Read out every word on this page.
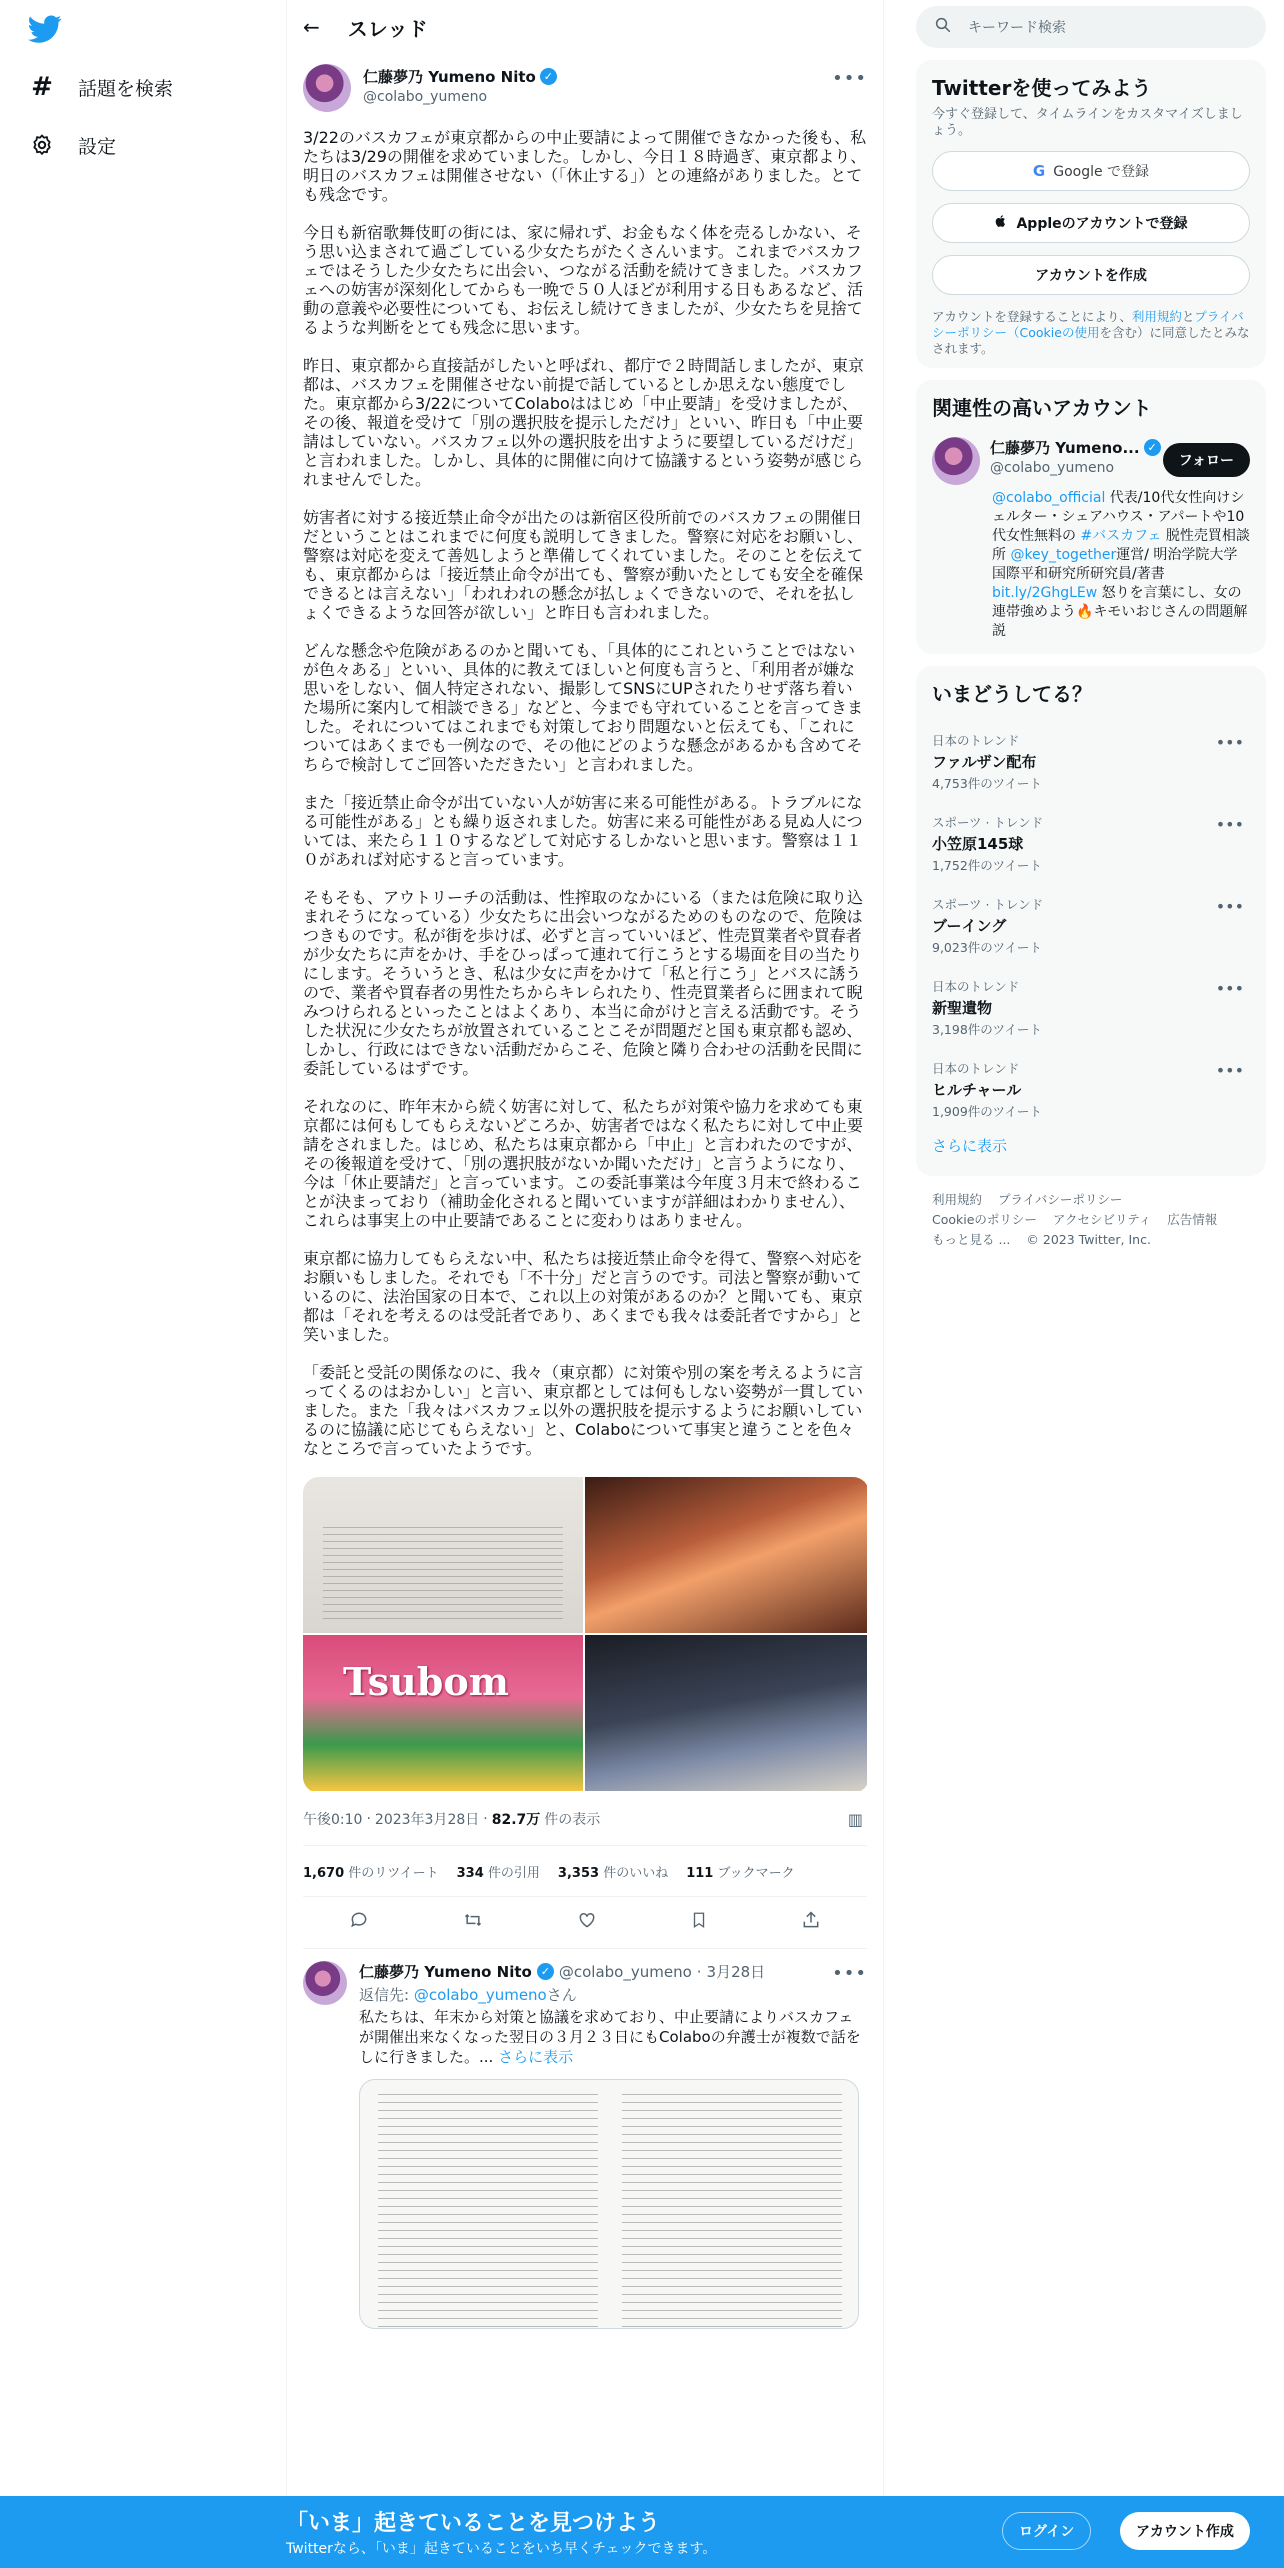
# 話題を検索
設定
← スレッド
仁藤夢乃 Yumeno Nito ✓
@colabo_yumeno
•••

3/22のバスカフェが東京都からの中止要請によって開催できなかった後も、私たちは3/29の開催を求めていました。しかし、今日１８時過ぎ、東京都より、明日のバスカフェは開催させない（「休止する」）との連絡がありました。とても残念です。

今日も新宿歌舞伎町の街には、家に帰れず、お金もなく体を売るしかない、そう思い込まされて過ごしている少女たちがたくさんいます。これまでバスカフェではそうした少女たちに出会い、つながる活動を続けてきました。バスカフェへの妨害が深刻化してからも一晩で５０人ほどが利用する日もあるなど、活動の意義や必要性についても、お伝えし続けてきましたが、少女たちを見捨てるような判断をとても残念に思います。

昨日、東京都から直接話がしたいと呼ばれ、都庁で２時間話しましたが、東京都は、バスカフェを開催させない前提で話しているとしか思えない態度でした。東京都から3/22についてColaboははじめ「中止要請」を受けましたが、その後、報道を受けて「別の選択肢を提示しただけ」といい、昨日も「中止要請はしていない。バスカフェ以外の選択肢を出すように要望しているだけだ」と言われました。しかし、具体的に開催に向けて協議するという姿勢が感じられませんでした。

妨害者に対する接近禁止命令が出たのは新宿区役所前でのバスカフェの開催日だということはこれまでに何度も説明してきました。警察に対応をお願いし、警察は対応を変えて善処しようと準備してくれていました。そのことを伝えても、東京都からは「接近禁止命令が出ても、警察が動いたとしても安全を確保できるとは言えない」「われわれの懸念が払しょくできないので、それを払しょくできるような回答が欲しい」と昨日も言われました。

どんな懸念や危険があるのかと聞いても、「具体的にこれということではないが色々ある」といい、具体的に教えてほしいと何度も言うと、「利用者が嫌な思いをしない、個人特定されない、撮影してSNSにUPされたりせず落ち着いた場所に案内して相談できる」などと、今までも守れていることを言ってきました。それについてはこれまでも対策しており問題ないと伝えても、「これについてはあくまでも一例なので、その他にどのような懸念があるかも含めてそちらで検討してご回答いただきたい」と言われました。

また「接近禁止命令が出ていない人が妨害に来る可能性がある。トラブルになる可能性がある」とも繰り返されました。妨害に来る可能性がある見ぬ人については、来たら１１０するなどして対応するしかないと思います。警察は１１０があれば対応すると言っています。

そもそも、アウトリーチの活動は、性搾取のなかにいる（または危険に取り込まれそうになっている）少女たちに出会いつながるためのものなので、危険はつきものです。私が街を歩けば、必ずと言っていいほど、性売買業者や買春者が少女たちに声をかけ、手をひっぱって連れて行こうとする場面を目の当たりにします。そういうとき、私は少女に声をかけて「私と行こう」とバスに誘うので、業者や買春者の男性たちからキレられたり、性売買業者らに囲まれて睨みつけられるといったことはよくあり、本当に命がけと言える活動です。そうした状況に少女たちが放置されていることこそが問題だと国も東京都も認め、しかし、行政にはできない活動だからこそ、危険と隣り合わせの活動を民間に委託しているはずです。

それなのに、昨年末から続く妨害に対して、私たちが対策や協力を求めても東京都には何もしてもらえないどころか、妨害者ではなく私たちに対して中止要請をされました。はじめ、私たちは東京都から「中止」と言われたのですが、その後報道を受けて、「別の選択肢がないか聞いただけ」と言うようになり、今は「休止要請だ」と言っています。この委託事業は今年度３月末で終わることが決まっており（補助金化されると聞いていますが詳細はわかりません）、これらは事実上の中止要請であることに変わりはありません。

東京都に協力してもらえない中、私たちは接近禁止命令を得て、警察へ対応をお願いもしました。それでも「不十分」だと言うのです。司法と警察が動いているのに、法治国家の日本で、これ以上の対策があるのか？と聞いても、東京都は「それを考えるのは受託者であり、あくまでも我々は委託者ですから」と笑いました。

「委託と受託の関係なのに、我々（東京都）に対策や別の案を考えるように言ってくるのはおかしい」と言い、東京都としては何もしない姿勢が一貫していました。また「我々はバスカフェ以外の選択肢を提示するようにお願いしているのに協議に応じてもらえない」と、Colaboについて事実と違うことを色々なところで言っていたようです。

Tsubom
午後0:10 · 2023年3月28日 · 82.7万 件の表示	▥
1,670 件のリツイート 334 件の引用 3,353 件のいいね 111 ブックマーク
仁藤夢乃 Yumeno Nito ✓ @colabo_yumeno · 3月28日
返信先: @colabo_yumenoさん
私たちは、年末から対策と協議を求めており、中止要請によりバスカフェが開催出来なくなった翌日の３月２３日にもColaboの弁護士が複数で話をしに行きました。... さらに表示
•••
キーワード検索
Twitterを使ってみよう
今すぐ登録して、タイムラインをカスタマイズしましょう。
G Google で登録
Appleのアカウントで登録
アカウントを作成
アカウントを登録することにより、利用規約とプライバシーポリシー（Cookieの使用を含む）に同意したとみなされます。
関連性の高いアカウント
仁藤夢乃 Yumeno... ✓
@colabo_yumeno	フォロー
@colabo_official 代表/10代女性向けシェルター・シェアハウス・アパートや10代女性無料の #バスカフェ 脱性売買相談所 @key_together運営/ 明治学院大学国際平和研究所研究員/著書bit.ly/2GhgLEw 怒りを言葉にし、女の連帯強めよう🔥キモいおじさんの問題解説
いまどうしてる？
日本のトレンド
ファルザン配布
4,753件のツイート
•••
スポーツ · トレンド
小笠原145球
1,752件のツイート
•••
スポーツ · トレンド
ブーイング
9,023件のツイート
•••
日本のトレンド
新聖遺物
3,198件のツイート
•••
日本のトレンド
ヒルチャール
1,909件のツイート
•••
さらに表示
利用規約 プライバシーポリシー
Cookieのポリシー アクセシビリティ 広告情報
もっと見る ... © 2023 Twitter, Inc.
「いま」起きていることを見つけよう
Twitterなら、「いま」起きていることをいち早くチェックできます。
ログイン	アカウント作成
